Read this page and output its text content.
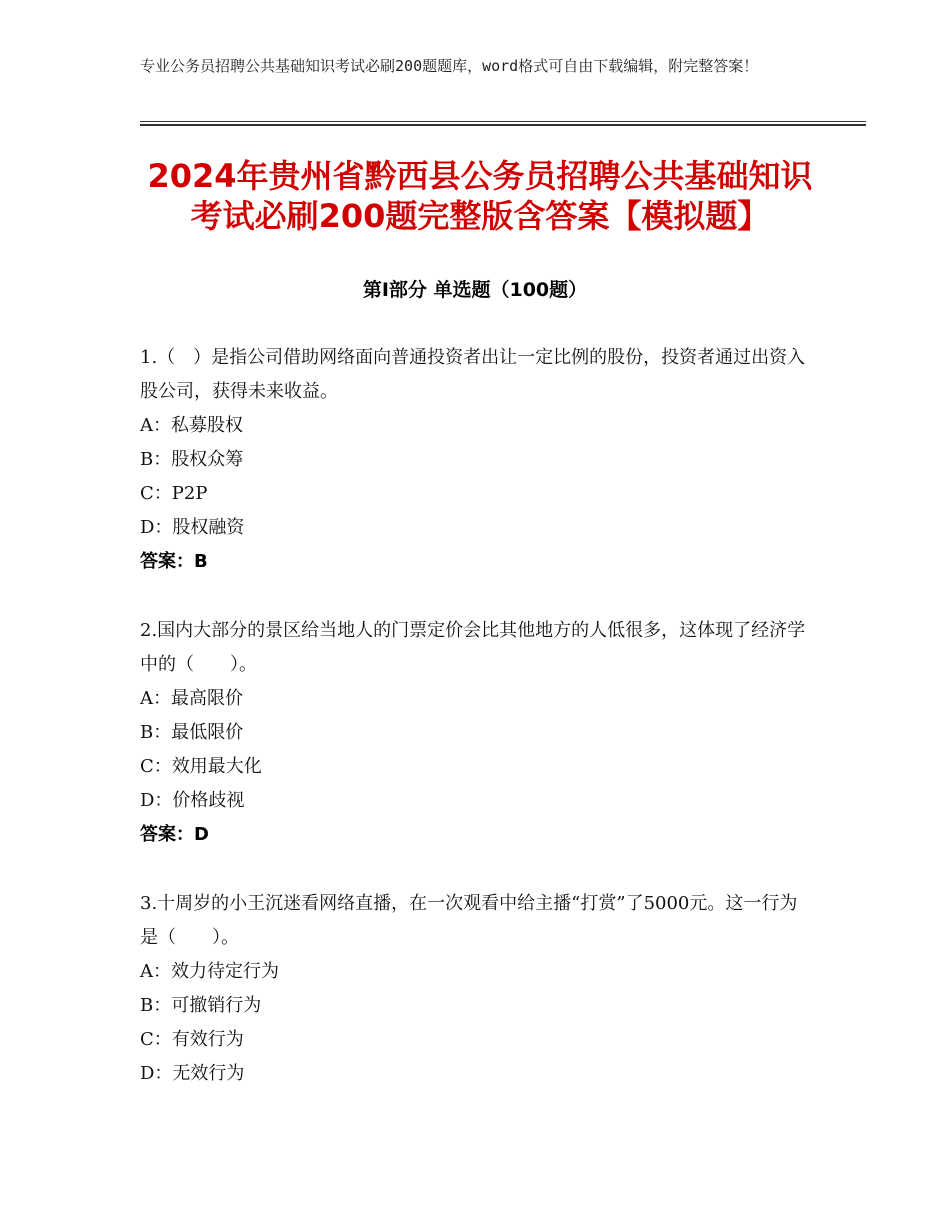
专业公务员招聘公共基础知识考试必刷200题题库，word格式可自由下载编辑，附完整答案！
2024年贵州省黔西县公务员招聘公共基础知识考试必刷200题完整版含答案【模拟题】
第Ⅰ部分 单选题（100题）

1.（　）是指公司借助网络面向普通投资者出让一定比例的股份，投资者通过出资入股公司，获得未来收益。

A：私募股权

B：股权众筹

C：P2P

D：股权融资

答案：B

2.国内大部分的景区给当地人的门票定价会比其他地方的人低很多，这体现了经济学中的（　　）。

A：最高限价

B：最低限价

C：效用最大化

D：价格歧视

答案：D

3.十周岁的小王沉迷看网络直播，在一次观看中给主播“打赏”了5000元。这一行为是（　　）。

A：效力待定行为

B：可撤销行为

C：有效行为

D：无效行为
